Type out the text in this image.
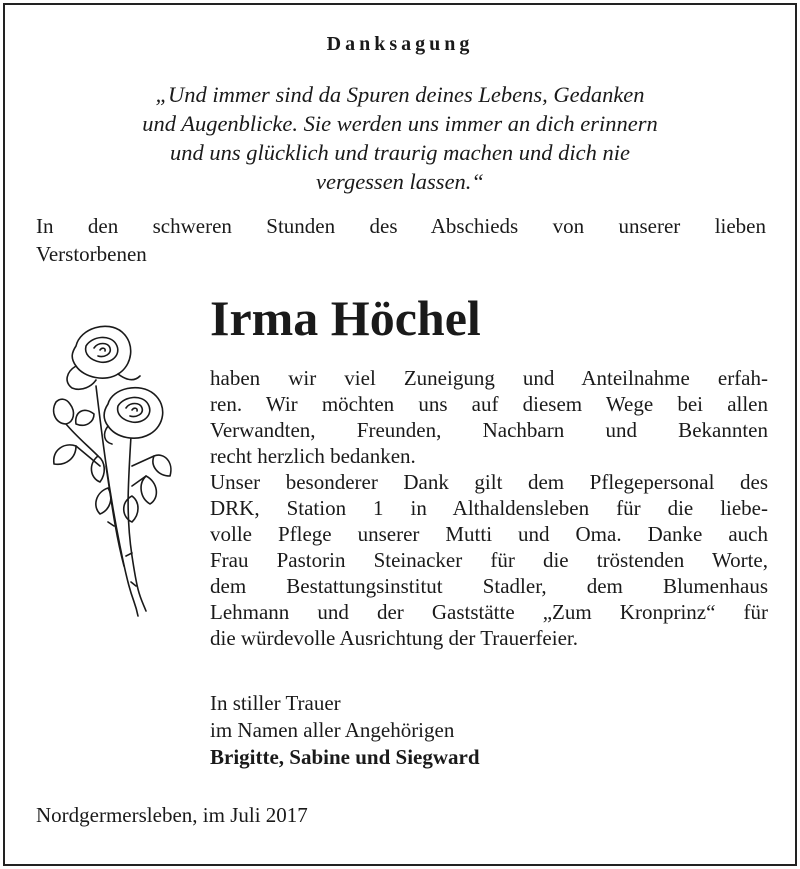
Danksagung
„Und immer sind da Spuren deines Lebens, Gedanken
und Augenblicke. Sie werden uns immer an dich erinnern
und uns glücklich und traurig machen und dich nie
vergessen lassen.“
In den schweren Stunden des Abschieds von unserer lieben
Verstorbenen
Irma Höchel
haben wir viel Zuneigung und Anteilnahme erfah-
ren. Wir möchten uns auf diesem Wege bei allen
Verwandten, Freunden, Nachbarn und Bekannten
recht herzlich bedanken.
Unser besonderer Dank gilt dem Pflegepersonal des
DRK, Station 1 in Althaldensleben für die liebe-
volle Pflege unserer Mutti und Oma. Danke auch
Frau Pastorin Steinacker für die tröstenden Worte,
dem Bestattungsinstitut Stadler, dem Blumenhaus
Lehmann und der Gaststätte „Zum Kronprinz“ für
die würdevolle Ausrichtung der Trauerfeier.
In stiller Trauer
im Namen aller Angehörigen
Brigitte, Sabine und Siegward
Nordgermersleben, im Juli 2017
